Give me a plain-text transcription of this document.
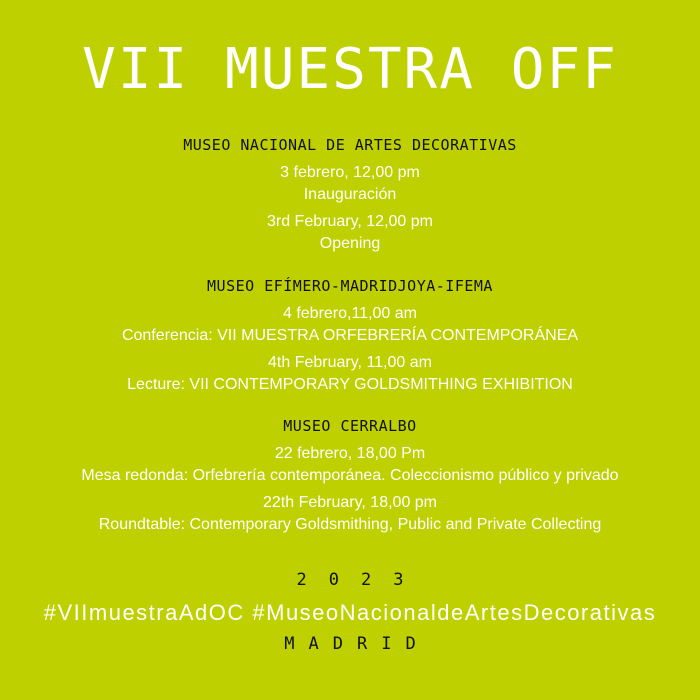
VII MUESTRA OFF
MUSEO NACIONAL DE ARTES DECORATIVAS
3 febrero, 12,00 pm
Inauguración
3rd February, 12,00 pm
Opening
MUSEO EFÍMERO-MADRIDJOYA-IFEMA
4 febrero,11,00 am
Conferencia: VII MUESTRA ORFEBRERÍA CONTEMPORÁNEA
4th February, 11,00 am
Lecture: VII CONTEMPORARY GOLDSMITHING EXHIBITION
MUSEO CERRALBO
22 febrero, 18,00 Pm
Mesa redonda: Orfebrería contemporánea. Coleccionismo público y privado
22th February, 18,00 pm
Roundtable: Contemporary Goldsmithing, Public and Private Collecting
2023
#VIImuestraAdOC #MuseoNacionaldeArtesDecorativas
MADRID
